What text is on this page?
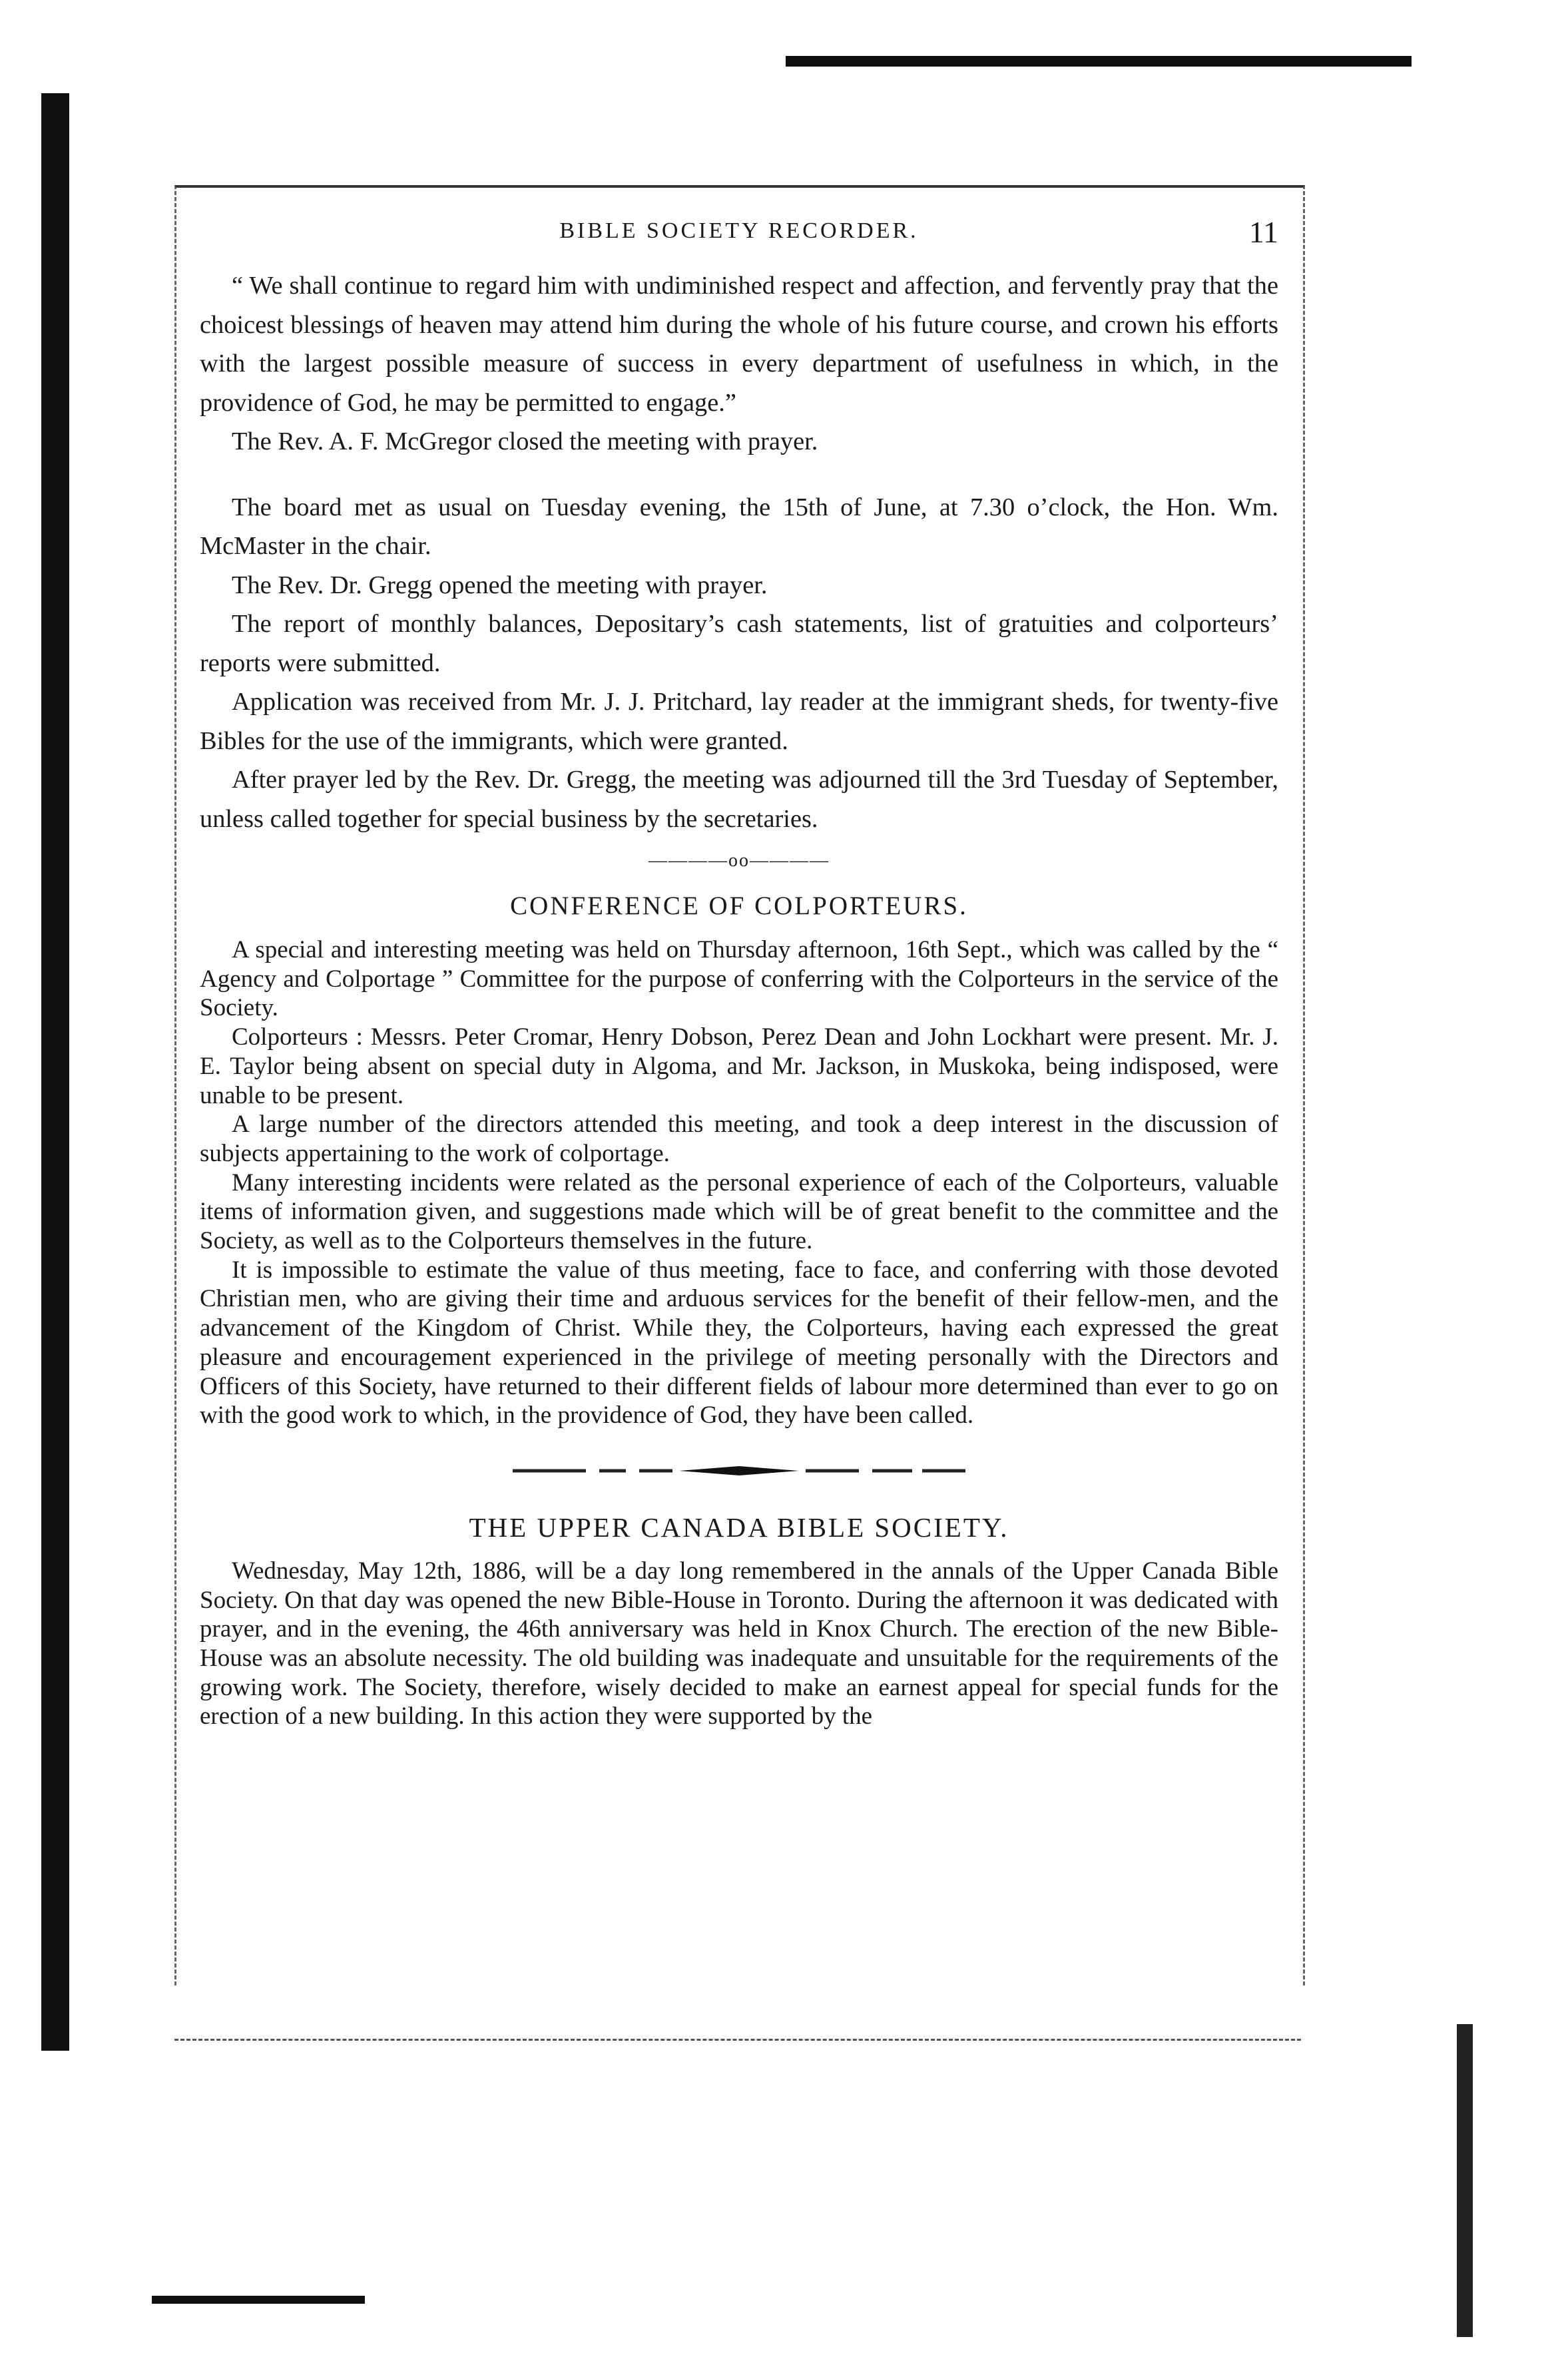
BIBLE SOCIETY RECORDER.	11

“ We shall continue to regard him with undiminished respect and affection, and fervently pray that the choicest blessings of heaven may attend him during the whole of his future course, and crown his efforts with the largest possible measure of success in every department of usefulness in which, in the providence of God, he may be permitted to engage.”

The Rev. A. F. McGregor closed the meeting with prayer.

The board met as usual on Tuesday evening, the 15th of June, at 7.30 o’clock, the Hon. Wm. McMaster in the chair.

The Rev. Dr. Gregg opened the meeting with prayer.

The report of monthly balances, Depositary’s cash statements, list of gratuities and colporteurs’ reports were submitted.

Application was received from Mr. J. J. Pritchard, lay reader at the immigrant sheds, for twenty-five Bibles for the use of the immigrants, which were granted.

After prayer led by the Rev. Dr. Gregg, the meeting was adjourned till the 3rd Tuesday of September, unless called together for special business by the secretaries.

————oo————
CONFERENCE OF COLPORTEURS.

A special and interesting meeting was held on Thursday afternoon, 16th Sept., which was called by the “ Agency and Colportage ” Committee for the purpose of conferring with the Colporteurs in the service of the Society.

Colporteurs : Messrs. Peter Cromar, Henry Dobson, Perez Dean and John Lockhart were present. Mr. J. E. Taylor being absent on special duty in Algoma, and Mr. Jackson, in Muskoka, being indisposed, were unable to be present.

A large number of the directors attended this meeting, and took a deep interest in the discussion of subjects appertaining to the work of colportage.

Many interesting incidents were related as the personal experience of each of the Colporteurs, valuable items of information given, and suggestions made which will be of great benefit to the committee and the Society, as well as to the Colporteurs themselves in the future.

It is impossible to estimate the value of thus meeting, face to face, and conferring with those devoted Christian men, who are giving their time and arduous services for the benefit of their fellow-men, and the advancement of the Kingdom of Christ. While they, the Colporteurs, having each expressed the great pleasure and encouragement experienced in the privilege of meeting personally with the Directors and Officers of this Society, have returned to their different fields of labour more determined than ever to go on with the good work to which, in the providence of God, they have been called.

THE UPPER CANADA BIBLE SOCIETY.

Wednesday, May 12th, 1886, will be a day long remembered in the annals of the Upper Canada Bible Society. On that day was opened the new Bible-House in Toronto. During the afternoon it was dedicated with prayer, and in the evening, the 46th anniversary was held in Knox Church. The erection of the new Bible-House was an absolute necessity. The old building was inadequate and unsuitable for the requirements of the growing work. The Society, therefore, wisely decided to make an earnest appeal for special funds for the erection of a new building. In this action they were supported by the
